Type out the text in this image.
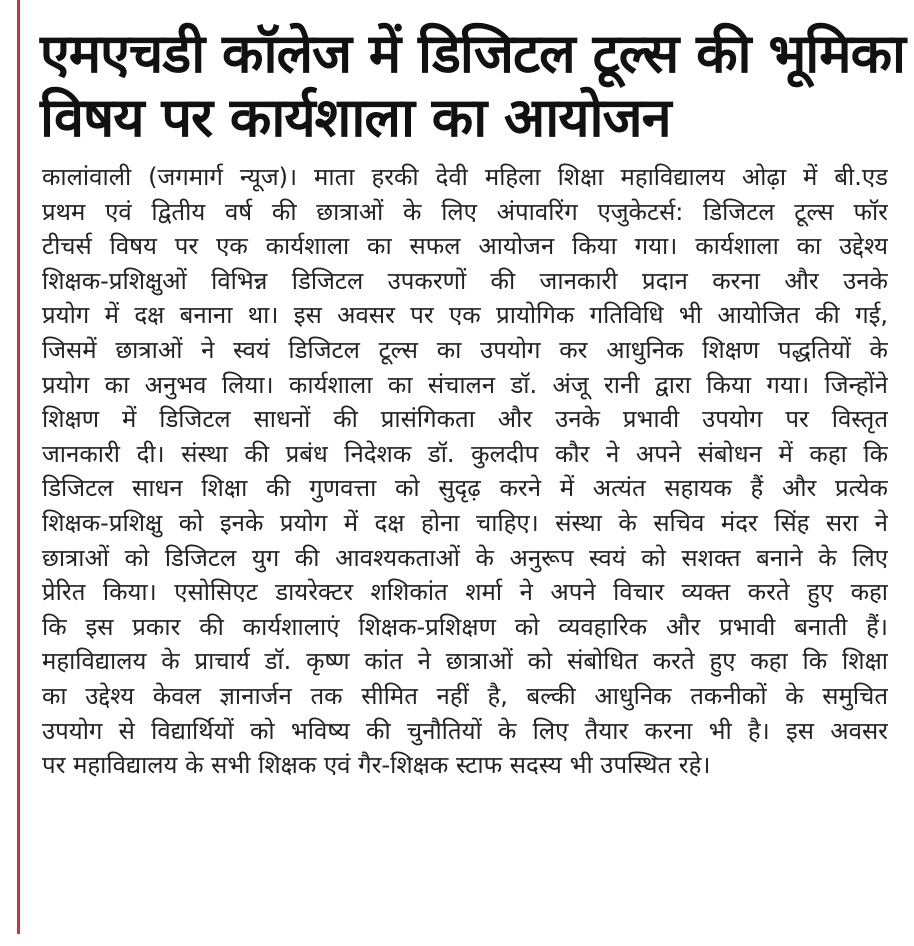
एमएचडी कॉलेज में डिजिटल टूल्स की भूमिका
विषय पर कार्यशाला का आयोजन
कालांवाली (जगमार्ग न्यूज)। माता हरकी देवी महिला शिक्षा महाविद्यालय ओढ़ा में बी.एड
प्रथम एवं द्वितीय वर्ष की छात्राओं के लिए अंपावरिंग एजुकेटर्स: डिजिटल टूल्स फॉर
टीचर्स विषय पर एक कार्यशाला का सफल आयोजन किया गया। कार्यशाला का उद्देश्य
शिक्षक-प्रशिक्षुओं विभिन्न डिजिटल उपकरणों की जानकारी प्रदान करना और उनके
प्रयोग में दक्ष बनाना था। इस अवसर पर एक प्रायोगिक गतिविधि भी आयोजित की गई,
जिसमें छात्राओं ने स्वयं डिजिटल टूल्स का उपयोग कर आधुनिक शिक्षण पद्धतियों के
प्रयोग का अनुभव लिया। कार्यशाला का संचालन डॉ. अंजू रानी द्वारा किया गया। जिन्होंने
शिक्षण में डिजिटल साधनों की प्रासंगिकता और उनके प्रभावी उपयोग पर विस्तृत
जानकारी दी। संस्था की प्रबंध निदेशक डॉ. कुलदीप कौर ने अपने संबोधन में कहा कि
डिजिटल साधन शिक्षा की गुणवत्ता को सुदृढ़ करने में अत्यंत सहायक हैं और प्रत्येक
शिक्षक-प्रशिक्षु को इनके प्रयोग में दक्ष होना चाहिए। संस्था के सचिव मंदर सिंह सरा ने
छात्राओं को डिजिटल युग की आवश्यकताओं के अनुरूप स्वयं को सशक्त बनाने के लिए
प्रेरित किया। एसोसिएट डायरेक्टर शशिकांत शर्मा ने अपने विचार व्यक्त करते हुए कहा
कि इस प्रकार की कार्यशालाएं शिक्षक-प्रशिक्षण को व्यवहारिक और प्रभावी बनाती हैं।
महाविद्यालय के प्राचार्य डॉ. कृष्ण कांत ने छात्राओं को संबोधित करते हुए कहा कि शिक्षा
का उद्देश्य केवल ज्ञानार्जन तक सीमित नहीं है, बल्की आधुनिक तकनीकों के समुचित
उपयोग से विद्यार्थियों को भविष्य की चुनौतियों के लिए तैयार करना भी है। इस अवसर
पर महाविद्यालय के सभी शिक्षक एवं गैर-शिक्षक स्टाफ सदस्य भी उपस्थित रहे।
